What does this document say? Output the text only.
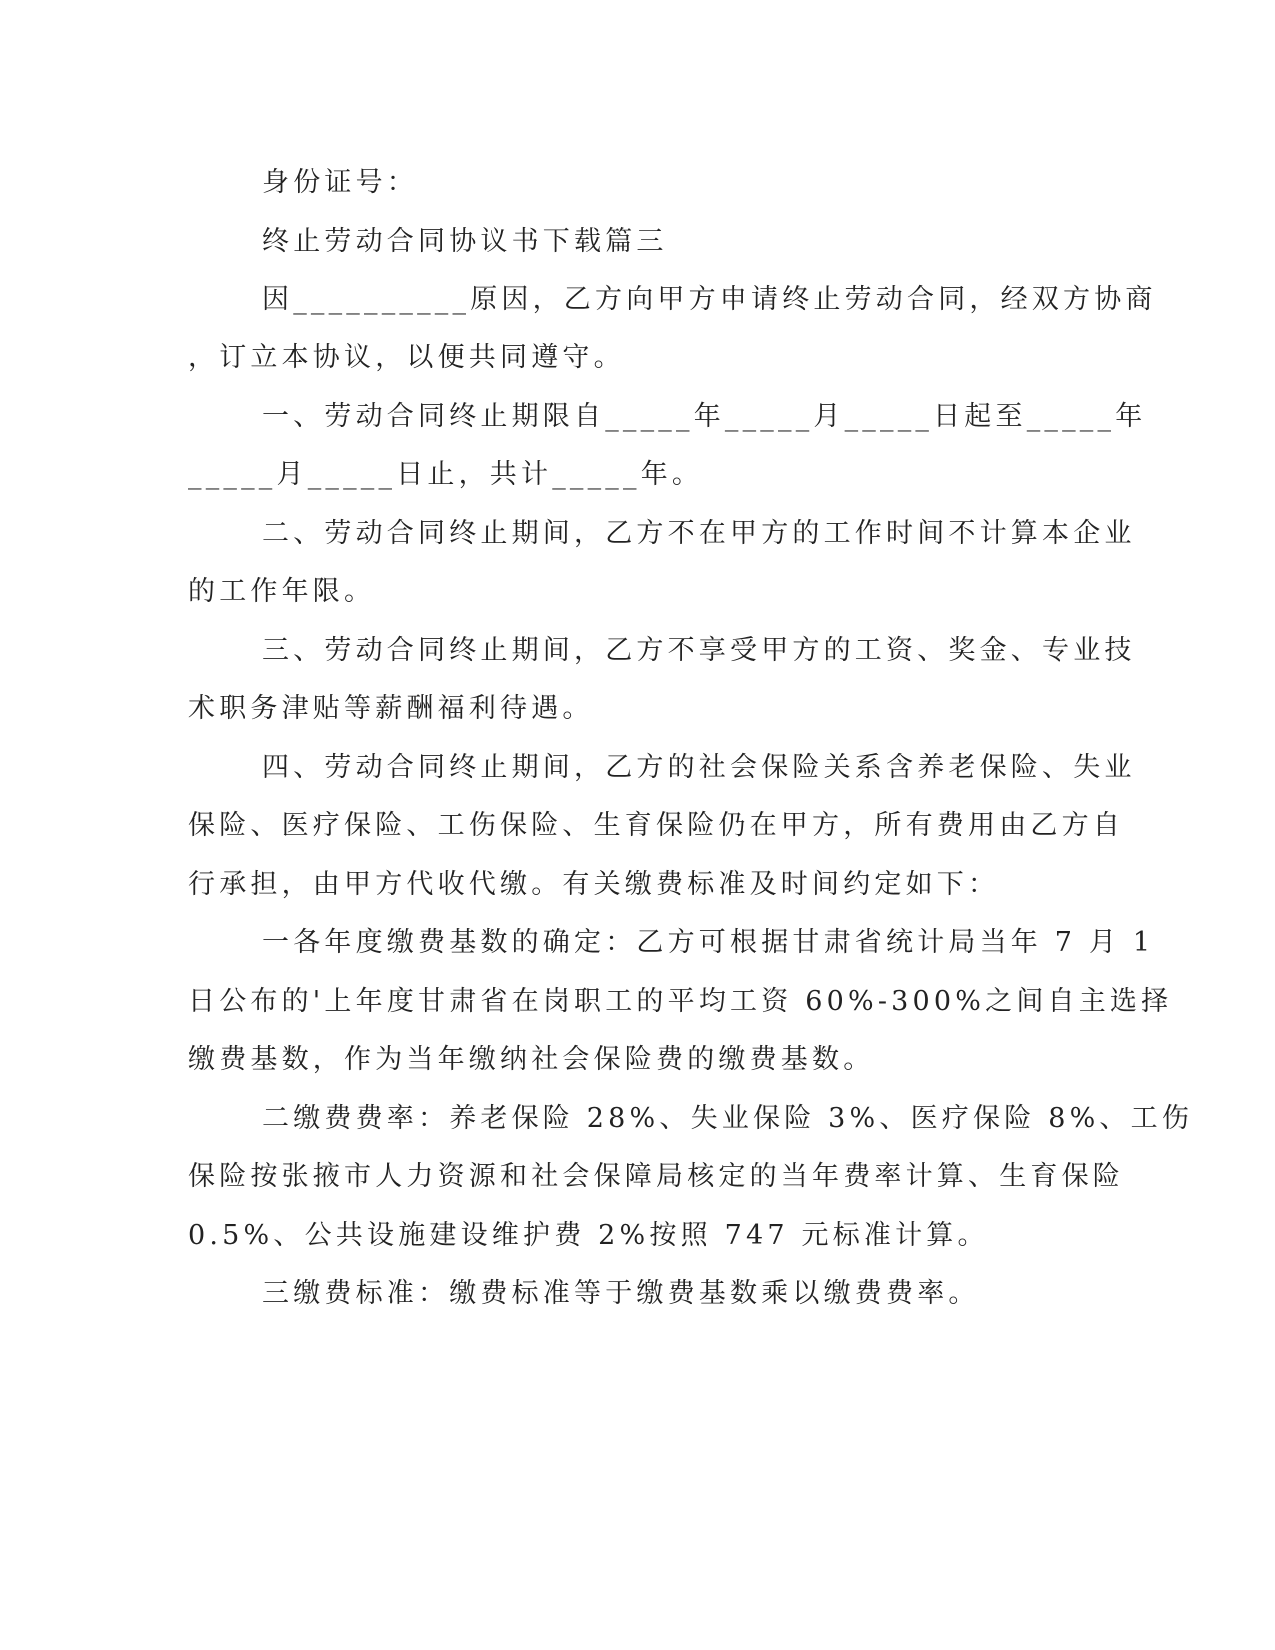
身份证号：
终止劳动合同协议书下载篇三
因__________原因，乙方向甲方申请终止劳动合同，经双方协商
，订立本协议，以便共同遵守。
一、劳动合同终止期限自_____年_____月_____日起至_____年
_____月_____日止，共计_____年。
二、劳动合同终止期间，乙方不在甲方的工作时间不计算本企业
的工作年限。
三、劳动合同终止期间，乙方不享受甲方的工资、奖金、专业技
术职务津贴等薪酬福利待遇。
四、劳动合同终止期间，乙方的社会保险关系含养老保险、失业
保险、医疗保险、工伤保险、生育保险仍在甲方，所有费用由乙方自
行承担，由甲方代收代缴。有关缴费标准及时间约定如下：
一各年度缴费基数的确定：乙方可根据甘肃省统计局当年 7 月 1
日公布的'上年度甘肃省在岗职工的平均工资 60%-300%之间自主选择
缴费基数，作为当年缴纳社会保险费的缴费基数。
二缴费费率：养老保险 28%、失业保险 3%、医疗保险 8%、工伤
保险按张掖市人力资源和社会保障局核定的当年费率计算、生育保险
0.5%、公共设施建设维护费 2%按照 747 元标准计算。
三缴费标准：缴费标准等于缴费基数乘以缴费费率。
